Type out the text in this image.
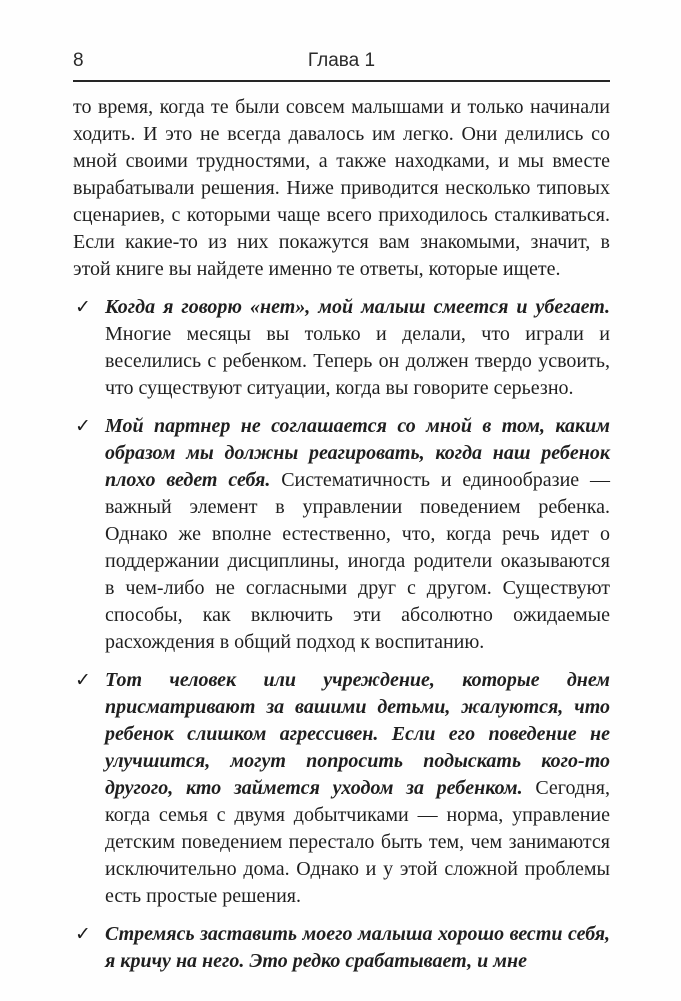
8	Глава 1

то время, когда те были совсем малышами и только начинали ходить. И это не всегда давалось им легко. Они делились со мной своими трудностями, а также находками, и мы вместе вырабатывали решения. Ниже приводится несколько типовых сценариев, с которыми чаще всего приходилось сталкиваться. Если какие-то из них покажутся вам знакомыми, значит, в этой книге вы найдете именно те ответы, которые ищете.

✓ Когда я говорю «нет», мой малыш смеется и убегает. Многие месяцы вы только и делали, что играли и веселились с ребенком. Теперь он должен твердо усвоить, что существуют ситуации, когда вы говорите серьезно.

✓ Мой партнер не соглашается со мной в том, каким образом мы должны реагировать, когда наш ребенок плохо ведет себя. Систематичность и единообразие — важный элемент в управлении поведением ребенка. Однако же вполне естественно, что, когда речь идет о поддержании дисциплины, иногда родители оказываются в чем-либо не согласными друг с другом. Существуют способы, как включить эти абсолютно ожидаемые расхождения в общий подход к воспитанию.

✓ Тот человек или учреждение, которые днем присматривают за вашими детьми, жалуются, что ребенок слишком агрессивен. Если его поведение не улучшится, могут попросить подыскать кого-то другого, кто займется уходом за ребенком. Сегодня, когда семья с двумя добытчиками — норма, управление детским поведением перестало быть тем, чем занимаются исключительно дома. Однако и у этой сложной проблемы есть простые решения.

✓ Стремясь заставить моего малыша хорошо вести себя, я кричу на него. Это редко срабатывает, и мне
